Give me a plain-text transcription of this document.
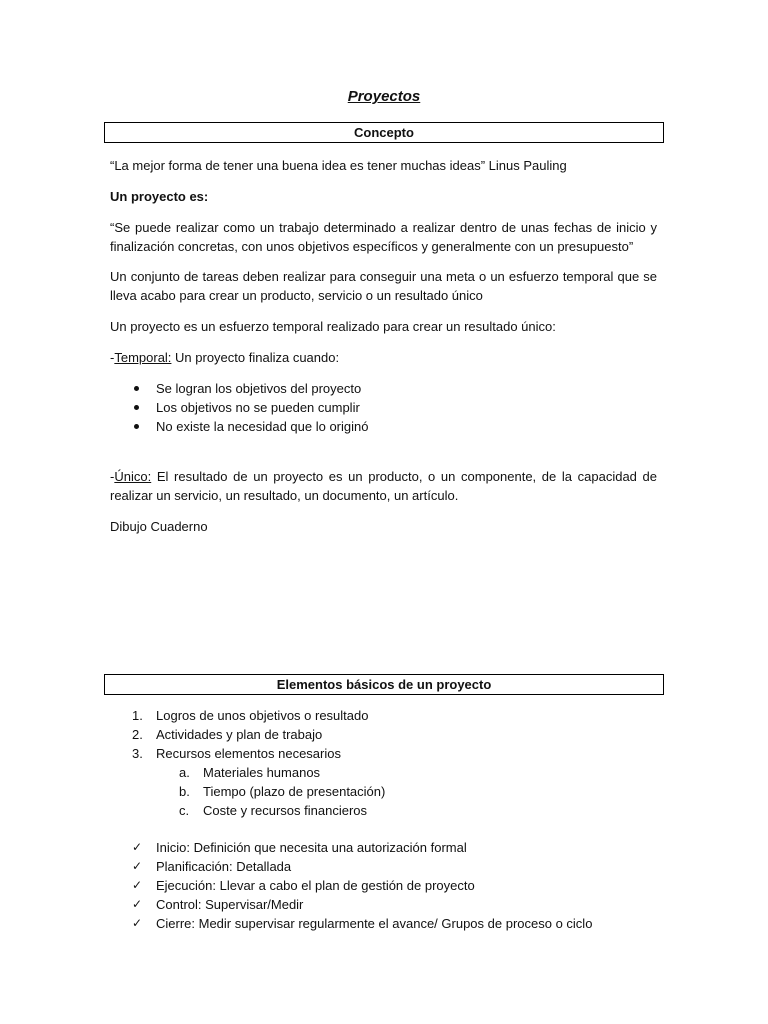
Proyectos
Concepto

“La mejor forma de tener una buena idea es tener muchas ideas” Linus Pauling

Un proyecto es:

“Se puede realizar como un trabajo determinado a realizar dentro de unas fechas de inicio y finalización concretas, con unos objetivos específicos y generalmente con un presupuesto”

Un conjunto de tareas deben realizar para conseguir una meta o un esfuerzo temporal que se lleva acabo para crear un producto, servicio o un resultado único

Un proyecto es un esfuerzo temporal realizado para crear un resultado único:

-Temporal: Un proyecto finaliza cuando:

Se logran los objetivos del proyecto
Los objetivos no se pueden cumplir
No existe la necesidad que lo originó

-Único: El resultado de un proyecto es un producto, o un componente, de la capacidad de realizar un servicio, un resultado, un documento, un artículo.

Dibujo Cuaderno

Elementos básicos de un proyecto
1.	Logros de unos objetivos o resultado
2.	Actividades y plan de trabajo
3.	Recursos elementos necesarios
a.	Materiales humanos
b.	Tiempo (plazo de presentación)
c.	Coste y recursos financieros
✓ Inicio: Definición que necesita una autorización formal
✓ Planificación: Detallada
✓ Ejecución: Llevar a cabo el plan de gestión de proyecto
✓ Control: Supervisar/Medir
✓ Cierre: Medir supervisar regularmente el avance/ Grupos de proceso o ciclo
